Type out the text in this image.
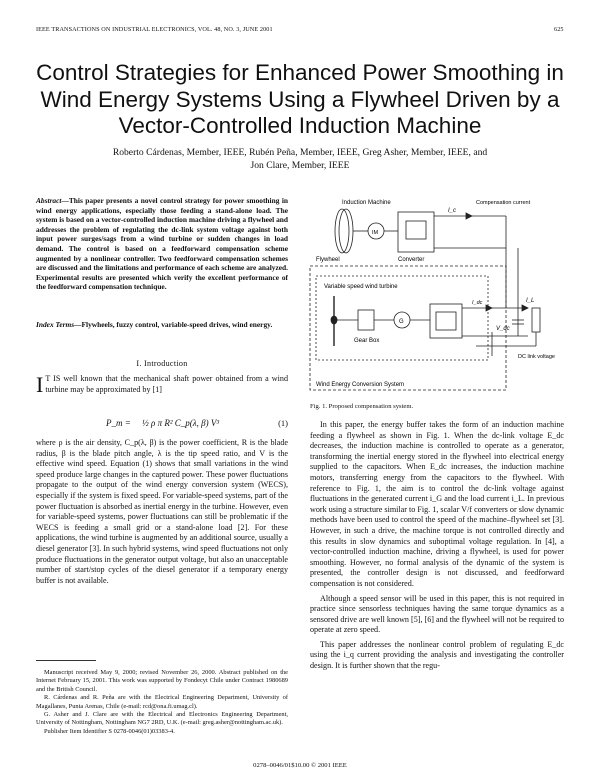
IEEE TRANSACTIONS ON INDUSTRIAL ELECTRONICS, VOL. 48, NO. 3, JUNE 2001	625
Control Strategies for Enhanced Power Smoothing in Wind Energy Systems Using a Flywheel Driven by a Vector-Controlled Induction Machine
Roberto Cárdenas, Member, IEEE, Rubén Peña, Member, IEEE, Greg Asher, Member, IEEE, and
Jon Clare, Member, IEEE
Abstract—This paper presents a novel control strategy for power smoothing in wind energy applications, especially those feeding a stand-alone load. The system is based on a vector-controlled induction machine driving a flywheel and addresses the problem of regulating the dc-link system voltage against both input power surges/sags from a wind turbine or sudden changes in load demand. The control is based on a feedforward compensation scheme augmented by a nonlinear controller. Two feedforward compensation schemes are discussed and the limitations and performance of each scheme are analyzed. Experimental results are presented which verify the excellent performance of the feedforward compensation technique.
Index Terms—Flywheels, fuzzy control, variable-speed drives, wind energy.
I. Introduction
I T IS well known that the mechanical shaft power obtained from a wind turbine may be approximated by [1]
P_m = ½ ρ π R² C_p(λ, β) V³	(1)
where ρ is the air density, C_p(λ, β) is the power coefficient, R is the blade radius, β is the blade pitch angle, λ is the tip speed ratio, and V is the effective wind speed. Equation (1) shows that small variations in the wind speed produce large changes in the captured power. These power fluctuations propagate to the output of the wind energy conversion system (WECS), especially if the system is fixed speed. For variable-speed systems, part of the power fluctuation is absorbed as inertial energy in the turbine. However, even for variable-speed systems, power fluctuations can still be problematic if the WECS is feeding a small grid or a stand-alone load [2]. For these applications, the wind turbine is augmented by an additional source, usually a diesel generator [3]. In such hybrid systems, wind speed fluctuations not only produce fluctuations in the generator output voltage, but also an unacceptable number of start/stop cycles of the diesel generator if a temporary energy buffer is not available.

Manuscript received May 9, 2000; revised November 26, 2000. Abstract published on the Internet February 15, 2001. This work was supported by Fondecyt Chile under Contract 1980689 and the British Council.

R. Cárdenas and R. Peña are with the Electrical Engineering Department, University of Magallanes, Punta Arenas, Chile (e-mail: rcd@ona.fi.umag.cl).

G. Asher and J. Clare are with the Electrical and Electronics Engineering Department, University of Nottingham, Nottingham NG7 2RD, U.K. (e-mail: greg.asher@nottingham.ac.uk).

Publisher Item Identifier S 0278-0046(01)03383-4.

Induction Machine
IM
Flywheel	Converter
I_c
Compensation current
Variable speed wind turbine
Gear Box
G
I_dc	I_L
V_dc
DC link voltage
Wind Energy Conversion System
Fig. 1. Proposed compensation system.

In this paper, the energy buffer takes the form of an induction machine feeding a flywheel as shown in Fig. 1. When the dc-link voltage E_dc decreases, the induction machine is controlled to operate as a generator, transforming the inertial energy stored in the flywheel into electrical energy supplied to the capacitors. When E_dc increases, the induction machine motors, transferring energy from the capacitors to the flywheel. With reference to Fig. 1, the aim is to control the dc-link voltage against fluctuations in the generated current i_G and the load current i_L. In previous work using a structure similar to Fig. 1, scalar V/f converters or slow dynamic methods have been used to control the speed of the machine–flywheel set [3]. However, in such a drive, the machine torque is not controlled directly and this results in slow dynamics and suboptimal voltage regulation. In [4], a vector-controlled induction machine, driving a flywheel, is used for power smoothing. However, no formal analysis of the dynamic of the system is presented, the controller design is not discussed, and feedforward compensation is not considered.

Although a speed sensor will be used in this paper, this is not required in practice since sensorless techniques having the same torque dynamics as a sensored drive are well known [5], [6] and the flywheel will not be required to operate at zero speed.

This paper addresses the nonlinear control problem of regulating E_dc using the i_q current providing the analysis and investigating the controller design. It is further shown that the regu-

0278–0046/01$10.00 © 2001 IEEE
